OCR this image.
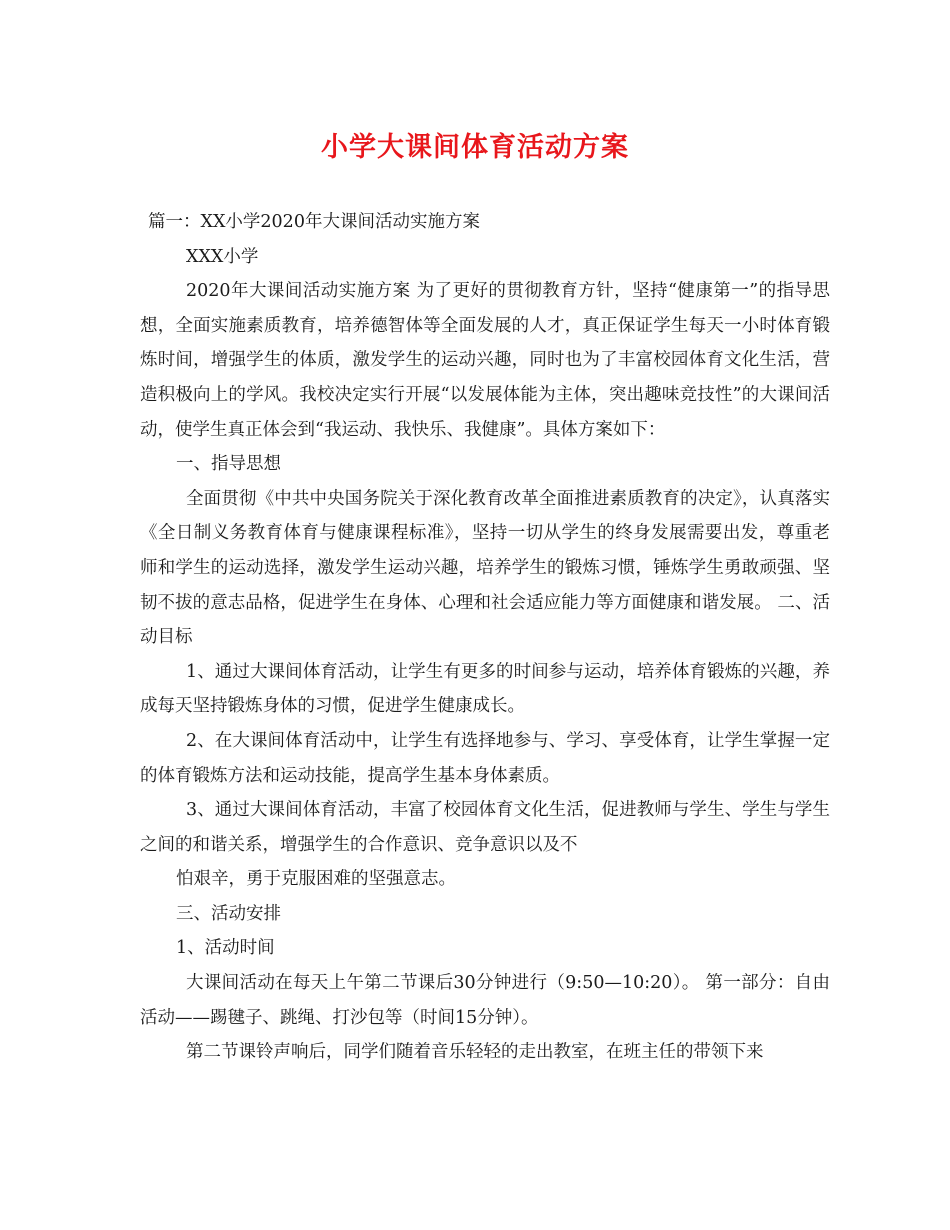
小学大课间体育活动方案

篇一：XX小学2020年大课间活动实施方案

XXX小学

2020年大课间活动实施方案 为了更好的贯彻教育方针，坚持“健康第一”的指导思想，全面实施素质教育，培养德智体等全面发展的人才，真正保证学生每天一小时体育锻炼时间，增强学生的体质，激发学生的运动兴趣，同时也为了丰富校园体育文化生活，营造积极向上的学风。我校决定实行开展“以发展体能为主体，突出趣味竞技性”的大课间活动，使学生真正体会到“我运动、我快乐、我健康”。具体方案如下：

一、指导思想

全面贯彻《中共中央国务院关于深化教育改革全面推进素质教育的决定》，认真落实《全日制义务教育体育与健康课程标准》，坚持一切从学生的终身发展需要出发，尊重老师和学生的运动选择，激发学生运动兴趣，培养学生的锻炼习惯，锤炼学生勇敢顽强、坚韧不拔的意志品格，促进学生在身体、心理和社会适应能力等方面健康和谐发展。 二、活动目标

1、通过大课间体育活动，让学生有更多的时间参与运动，培养体育锻炼的兴趣，养成每天坚持锻炼身体的习惯，促进学生健康成长。

2、在大课间体育活动中，让学生有选择地参与、学习、享受体育，让学生掌握一定的体育锻炼方法和运动技能，提高学生基本身体素质。

3、通过大课间体育活动，丰富了校园体育文化生活，促进教师与学生、学生与学生之间的和谐关系，增强学生的合作意识、竞争意识以及不

怕艰辛，勇于克服困难的坚强意志。

三、活动安排

1、活动时间

大课间活动在每天上午第二节课后30分钟进行（9:50—10:20）。 第一部分：自由活动——踢毽子、跳绳、打沙包等（时间15分钟）。

第二节课铃声响后，同学们随着音乐轻轻的走出教室，在班主任的带领下来
